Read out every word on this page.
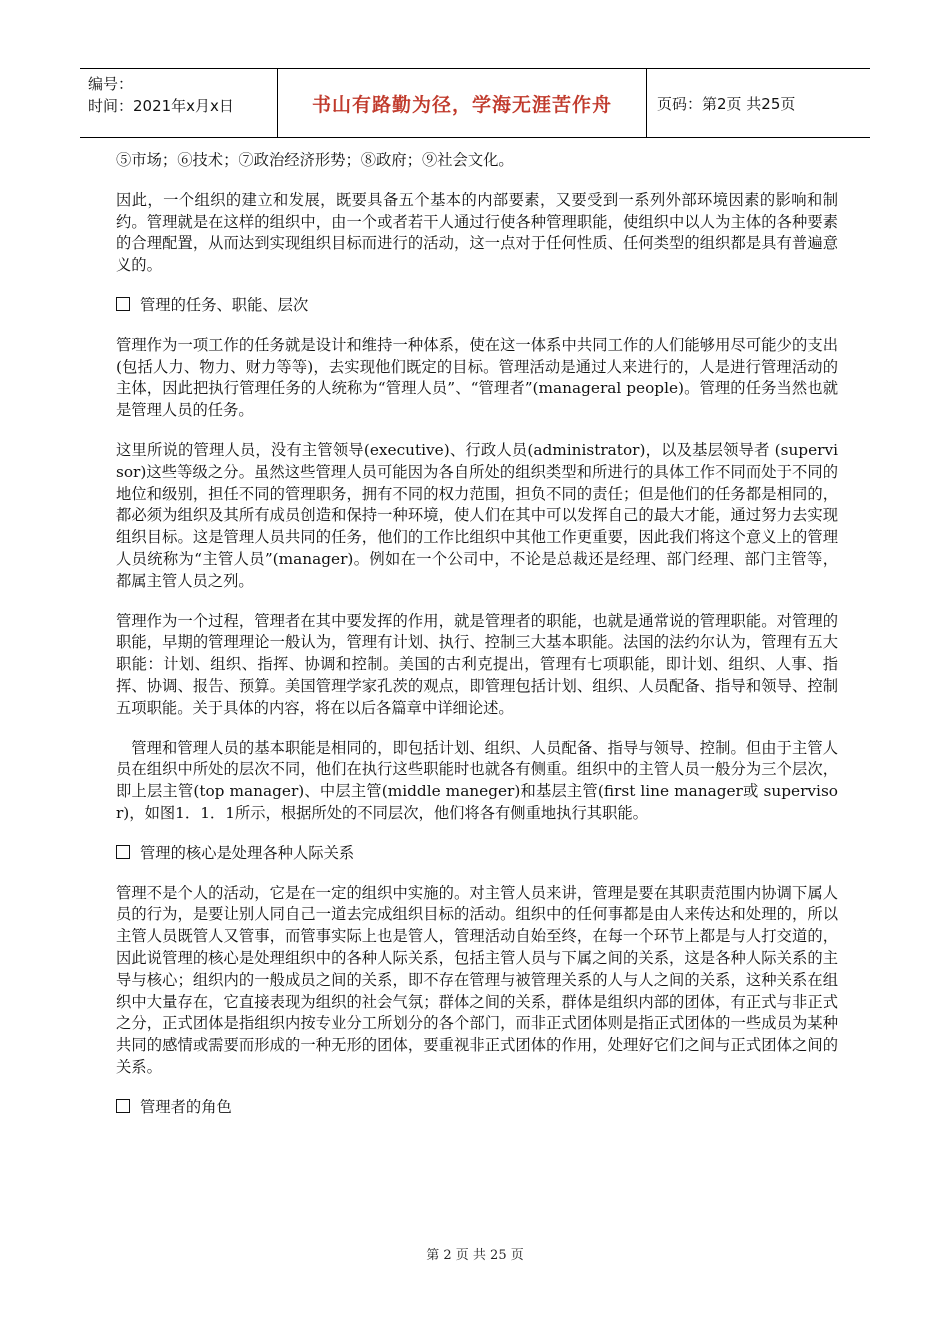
编号：
时间：2021年x月x日	书山有路勤为径，学海无涯苦作舟	页码：第2页 共25页

⑤市场；⑥技术；⑦政治经济形势；⑧政府；⑨社会文化。

因此，一个组织的建立和发展，既要具备五个基本的内部要素，又要受到一系列外部环境因素的影响和制约。管理就是在这样的组织中，由一个或者若干人通过行使各种管理职能，使组织中以人为主体的各种要素的合理配置，从而达到实现组织目标而进行的活动，这一点对于任何性质、任何类型的组织都是具有普遍意义的。

管理的任务、职能、层次

管理作为一项工作的任务就是设计和维持一种体系，使在这一体系中共同工作的人们能够用尽可能少的支出(包括人力、物力、财力等等)，去实现他们既定的目标。管理活动是通过人来进行的，人是进行管理活动的主体，因此把执行管理任务的人统称为“管理人员”、“管理者”(manageral people)。管理的任务当然也就是管理人员的任务。

这里所说的管理人员，没有主管领导(executive)、行政人员(administrator)，以及基层领导者 (supervisor)这些等级之分。虽然这些管理人员可能因为各自所处的组织类型和所进行的具体工作不同而处于不同的地位和级别，担任不同的管理职务，拥有不同的权力范围，担负不同的责任；但是他们的任务都是相同的，都必须为组织及其所有成员创造和保持一种环境，使人们在其中可以发挥自己的最大才能，通过努力去实现组织目标。这是管理人员共同的任务，他们的工作比组织中其他工作更重要，因此我们将这个意义上的管理人员统称为“主管人员”(manager)。例如在一个公司中，不论是总裁还是经理、部门经理、部门主管等，都属主管人员之列。

管理作为一个过程，管理者在其中要发挥的作用，就是管理者的职能，也就是通常说的管理职能。对管理的职能，早期的管理理论一般认为，管理有计划、执行、控制三大基本职能。法国的法约尔认为，管理有五大职能：计划、组织、指挥、协调和控制。美国的古利克提出，管理有七项职能，即计划、组织、人事、指挥、协调、报告、预算。美国管理学家孔茨的观点，即管理包括计划、组织、人员配备、指导和领导、控制五项职能。关于具体的内容，将在以后各篇章中详细论述。

管理和管理人员的基本职能是相同的，即包括计划、组织、人员配备、指导与领导、控制。但由于主管人员在组织中所处的层次不同，他们在执行这些职能时也就各有侧重。组织中的主管人员一般分为三个层次，即上层主管(top manager)、中层主管(middle maneger)和基层主管(first line manager或 supervisor)，如图1．1．1所示，根据所处的不同层次，他们将各有侧重地执行其职能。

管理的核心是处理各种人际关系

管理不是个人的活动，它是在一定的组织中实施的。对主管人员来讲，管理是要在其职责范围内协调下属人员的行为，是要让别人同自己一道去完成组织目标的活动。组织中的任何事都是由人来传达和处理的，所以主管人员既管人又管事，而管事实际上也是管人，管理活动自始至终，在每一个环节上都是与人打交道的，因此说管理的核心是处理组织中的各种人际关系，包括主管人员与下属之间的关系，这是各种人际关系的主导与核心；组织内的一般成员之间的关系，即不存在管理与被管理关系的人与人之间的关系，这种关系在组织中大量存在，它直接表现为组织的社会气氛；群体之间的关系，群体是组织内部的团体，有正式与非正式之分，正式团体是指组织内按专业分工所划分的各个部门，而非正式团体则是指正式团体的一些成员为某种共同的感情或需要而形成的一种无形的团体，要重视非正式团体的作用，处理好它们之间与正式团体之间的关系。

管理者的角色
第 2 页 共 25 页
